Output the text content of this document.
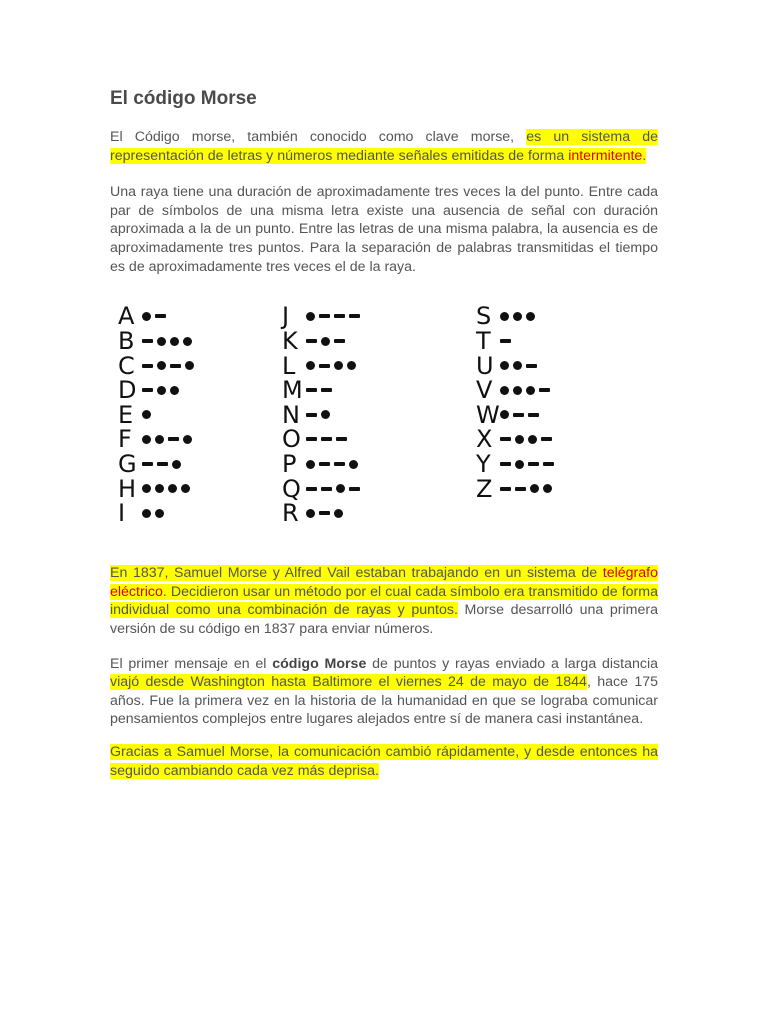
El código Morse

El Código morse, también conocido como clave morse, es un sistema de representación de letras y números mediante señales emitidas de forma intermitente.

Una raya tiene una duración de aproximadamente tres veces la del punto. Entre cada par de símbolos de una misma letra existe una ausencia de señal con duración aproximada a la de un punto. Entre las letras de una misma palabra, la ausencia es de aproximadamente tres puntos. Para la separación de palabras transmitidas el tiempo es de aproximadamente tres veces el de la raya.

A
B
C
D
E
F
G
H
I
J
K
L
M
N
O
P
Q
R
S
T
U
V
W
X
Y
Z

En 1837, Samuel Morse y Alfred Vail estaban trabajando en un sistema de telégrafo eléctrico. Decidieron usar un método por el cual cada símbolo era transmitido de forma individual como una combinación de rayas y puntos. Morse desarrolló una primera versión de su código en 1837 para enviar números.

El primer mensaje en el código Morse de puntos y rayas enviado a larga distancia viajó desde Washington hasta Baltimore el viernes 24 de mayo de 1844, hace 175 años. Fue la primera vez en la historia de la humanidad en que se lograba comunicar pensamientos complejos entre lugares alejados entre sí de manera casi instantánea.

Gracias a Samuel Morse, la comunicación cambió rápidamente, y desde entonces ha seguido cambiando cada vez más deprisa.
